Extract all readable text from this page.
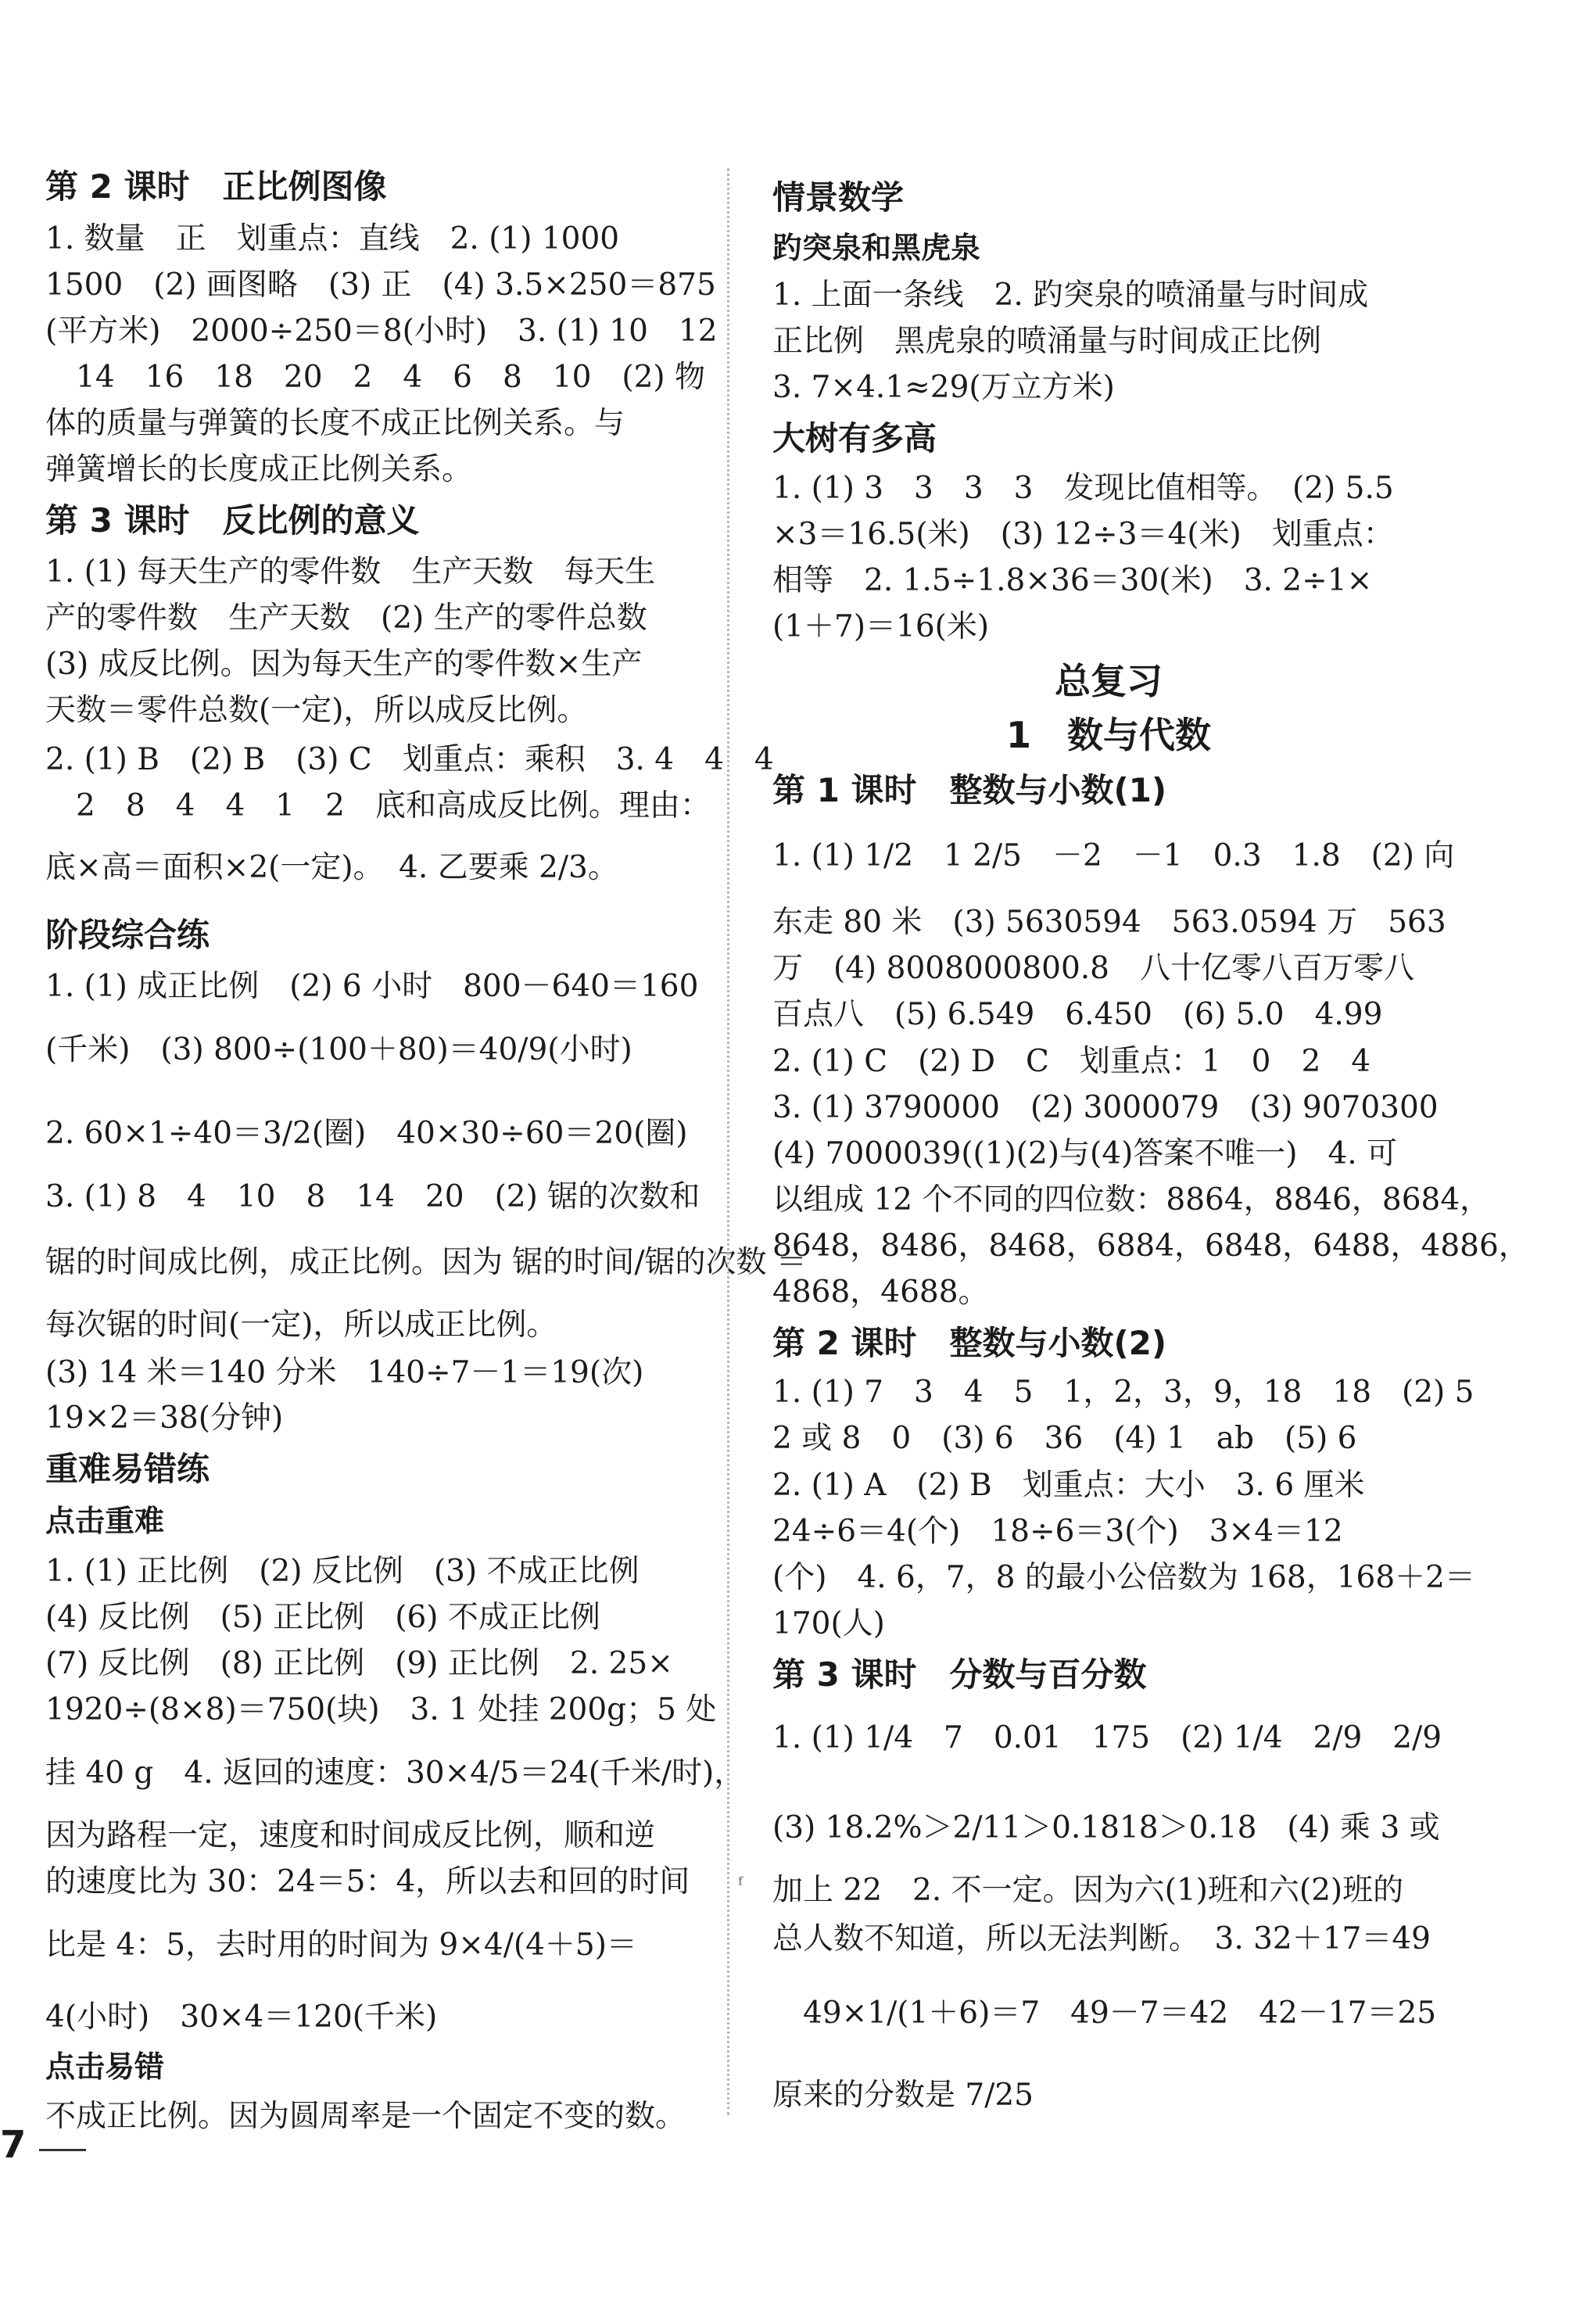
第 2 课时　正比例图像
1. 数量　正　划重点：直线　2. (1) 1000
1500　(2) 画图略　(3) 正　(4) 3.5×250＝875
(平方米)　2000÷250＝8(小时)　3. (1) 10　12
　14　16　18　20　2　4　6　8　10　(2) 物
体的质量与弹簧的长度不成正比例关系。与
弹簧增长的长度成正比例关系。
第 3 课时　反比例的意义
1. (1) 每天生产的零件数　生产天数　每天生
产的零件数　生产天数　(2) 生产的零件总数
(3) 成反比例。因为每天生产的零件数×生产
天数＝零件总数(一定)，所以成反比例。
2. (1) B　(2) B　(3) C　划重点：乘积　3. 4　4　4
　2　8　4　4　1　2　底和高成反比例。理由：
底×高＝面积×2(一定)。　4. 乙要乘 2/3。
阶段综合练
1. (1) 成正比例　(2) 6 小时　800－640＝160
(千米)　(3) 800÷(100＋80)＝40/9(小时)
2. 60×1÷40＝3/2(圈)　40×30÷60＝20(圈)
3. (1) 8　4　10　8　14　20　(2) 锯的次数和
锯的时间成比例，成正比例。因为 锯的时间/锯的次数 ＝
每次锯的时间(一定)，所以成正比例。
(3) 14 米＝140 分米　140÷7－1＝19(次)
19×2＝38(分钟)
重难易错练
点击重难
1. (1) 正比例　(2) 反比例　(3) 不成正比例
(4) 反比例　(5) 正比例　(6) 不成正比例
(7) 反比例　(8) 正比例　(9) 正比例　2. 25×
1920÷(8×8)＝750(块)　3. 1 处挂 200g；5 处
挂 40 g　4. 返回的速度：30×4/5＝24(千米/时)，
因为路程一定，速度和时间成反比例，顺和逆
的速度比为 30：24＝5：4，所以去和回的时间
比是 4：5，去时用的时间为 9×4/(4＋5)＝
4(小时)　30×4＝120(千米)
点击易错
不成正比例。因为圆周率是一个固定不变的数。
情景数学
趵突泉和黑虎泉
1. 上面一条线　2. 趵突泉的喷涌量与时间成
正比例　黑虎泉的喷涌量与时间成正比例
3. 7×4.1≈29(万立方米)
大树有多高
1. (1) 3　3　3　3　发现比值相等。　(2) 5.5
×3＝16.5(米)　(3) 12÷3＝4(米)　划重点：
相等　2. 1.5÷1.8×36＝30(米)　3. 2÷1×
(1＋7)＝16(米)
总复习
1　数与代数
第 1 课时　整数与小数(1)
1. (1) 1/2　1 2/5　－2　－1　0.3　1.8　(2) 向
东走 80 米　(3) 5630594　563.0594 万　563
万　(4) 8008000800.8　八十亿零八百万零八
百点八　(5) 6.549　6.450　(6) 5.0　4.99
2. (1) C　(2) D　C　划重点：1　0　2　4
3. (1) 3790000　(2) 3000079　(3) 9070300
(4) 7000039((1)(2)与(4)答案不唯一)　4. 可
以组成 12 个不同的四位数：8864，8846，8684，
8648，8486，8468，6884，6848，6488，4886，
4868，4688。
第 2 课时　整数与小数(2)
1. (1) 7　3　4　5　1，2，3，9，18　18　(2) 5
2 或 8　0　(3) 6　36　(4) 1　ab　(5) 6
2. (1) A　(2) B　划重点：大小　3. 6 厘米
24÷6＝4(个)　18÷6＝3(个)　3×4＝12
(个)　4. 6，7，8 的最小公倍数为 168，168＋2＝
170(人)
第 3 课时　分数与百分数
1. (1) 1/4　7　0.01　175　(2) 1/4　2/9　2/9
(3) 18.2%＞2/11＞0.1818＞0.18　(4) 乘 3 或
加上 22　2. 不一定。因为六(1)班和六(2)班的
总人数不知道，所以无法判断。　3. 32＋17＝49
　49×1/(1＋6)＝7　49－7＝42　42－17＝25
原来的分数是 7/25
ᶠ
7
